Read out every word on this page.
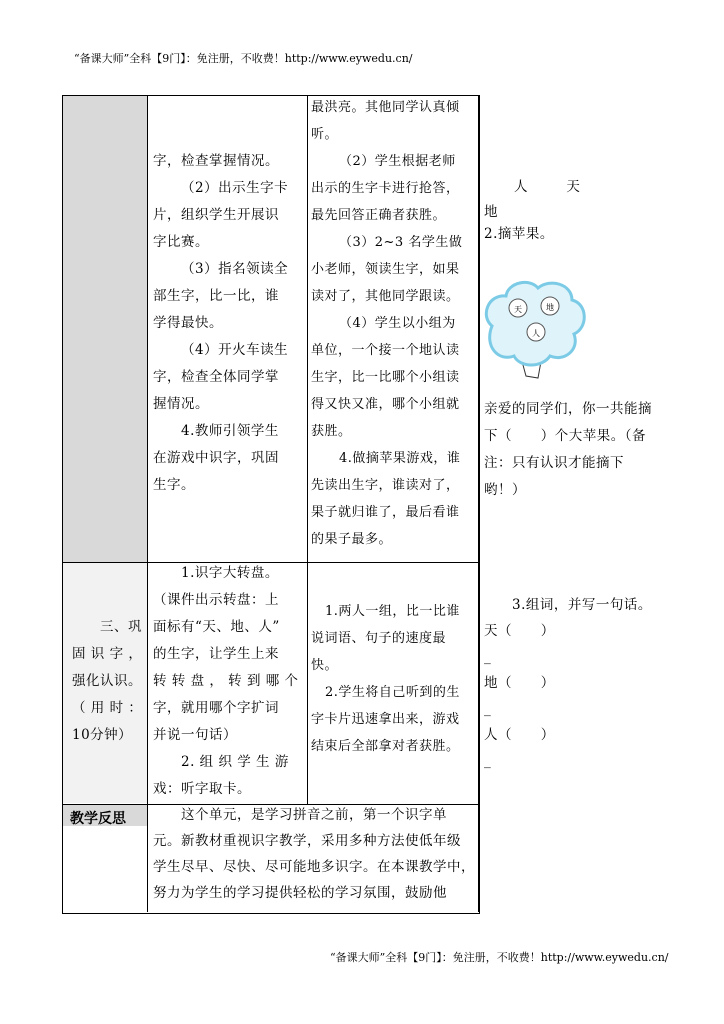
“备课大师”全科【9门】：免注册，不收费！http://www.eywedu.cn/

字，检查掌握情况。

（2）出示生字卡

片，组织学生开展识

字比赛。

（3）指名领读全

部生字，比一比，谁

学得最快。

（4）开火车读生

字，检查全体同学掌

握情况。

4.教师引领学生

在游戏中识字，巩固

生字。

最洪亮。其他同学认真倾

听。

（2）学生根据老师

出示的生字卡进行抢答，

最先回答正确者获胜。

（3）2~3 名学生做

小老师，领读生字，如果

读对了，其他同学跟读。

（4）学生以小组为

单位，一个接一个地认读

生字，比一比哪个小组读

得又快又准，哪个小组就

获胜。

4.做摘苹果游戏，谁

先读出生字，谁读对了，

果子就归谁了，最后看谁

的果子最多。

人        天

地

2.摘苹果。

天	地
人

亲爱的同学们，你一共能摘

下（      ）个大苹果。（备

注：只有认识才能摘下

哟！）

三、巩

固 识 字 ，

强化认识。

（ 用 时 ：

10分钟）

1.识字大转盘。

（课件出示转盘：上

面标有“天、地、人”

的生字，让学生上来

转 转 盘 ， 转 到 哪 个

字，就用哪个字扩词

并说一句话）

2. 组 织 学 生 游

戏：听字取卡。

1.两人一组，比一比谁

说词语、句子的速度最

快。

2.学生将自己听到的生

字卡片迅速拿出来，游戏

结束后全部拿对者获胜。

3.组词，并写一句话。

天（      ）

_

地（      ）

_

人（      ）

_

教学反思	这个单元，是学习拼音之前，第一个识字单

元。新教材重视识字教学，采用多种方法使低年级

学生尽早、尽快、尽可能地多识字。在本课教学中，

努力为学生的学习提供轻松的学习氛围，鼓励他

“备课大师”全科【9门】：免注册，不收费！http://www.eywedu.cn/
